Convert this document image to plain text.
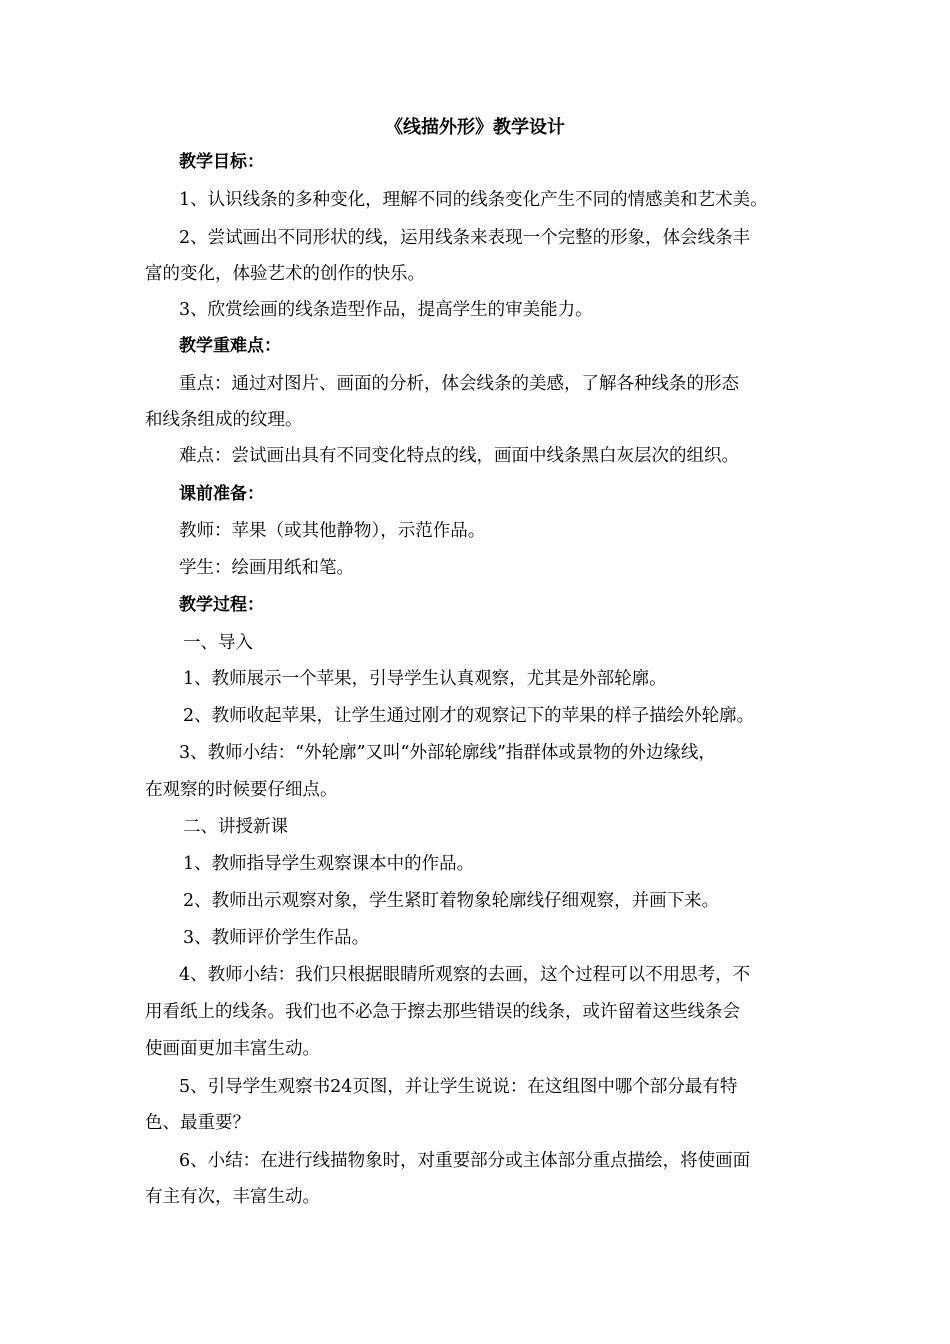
《线描外形》教学设计
教学目标：
1、认识线条的多种变化，理解不同的线条变化产生不同的情感美和艺术美。
2、尝试画出不同形状的线，运用线条来表现一个完整的形象，体会线条丰
富的变化，体验艺术的创作的快乐。
3、欣赏绘画的线条造型作品，提高学生的审美能力。
教学重难点：
重点：通过对图片、画面的分析，体会线条的美感，了解各种线条的形态
和线条组成的纹理。
难点：尝试画出具有不同变化特点的线，画面中线条黑白灰层次的组织。
课前准备：
教师：苹果（或其他静物），示范作品。
学生：绘画用纸和笔。
教学过程：
一、导入
1、教师展示一个苹果，引导学生认真观察，尤其是外部轮廓。
2、教师收起苹果，让学生通过刚才的观察记下的苹果的样子描绘外轮廓。
3、教师小结：“外轮廓”又叫“外部轮廓线”指群体或景物的外边缘线，
在观察的时候要仔细点。
二、讲授新课
1、教师指导学生观察课本中的作品。
2、教师出示观察对象，学生紧盯着物象轮廓线仔细观察，并画下来。
3、教师评价学生作品。
4、教师小结：我们只根据眼睛所观察的去画，这个过程可以不用思考，不
用看纸上的线条。我们也不必急于擦去那些错误的线条，或许留着这些线条会
使画面更加丰富生动。
5、引导学生观察书24页图，并让学生说说：在这组图中哪个部分最有特
色、最重要？
6、小结：在进行线描物象时，对重要部分或主体部分重点描绘，将使画面
有主有次，丰富生动。
